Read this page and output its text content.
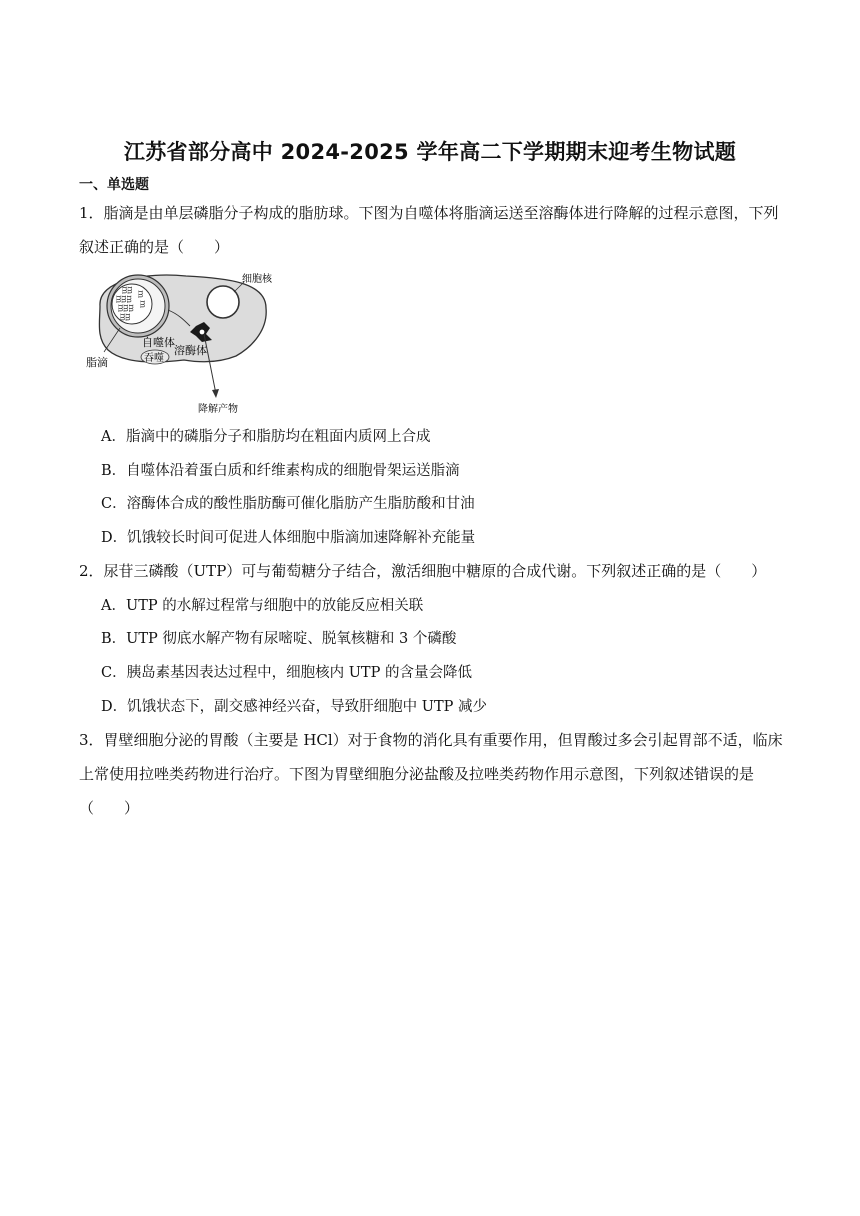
江苏省部分高中 2024-2025 学年高二下学期期末迎考生物试题
一、单选题
1．脂滴是由单层磷脂分子构成的脂肪球。下图为自噬体将脂滴运送至溶酶体进行降解的过程示意图，下列叙述正确的是（　　）
ᴟᴟ
ᴟᴟᴟ
ᴟᴟᴟ
ᴟᴟ
ᴟ
ᴟ
细胞核
自噬体
吞噬
溶酶体
脂滴
降解产物
A．脂滴中的磷脂分子和脂肪均在粗面内质网上合成
B．自噬体沿着蛋白质和纤维素构成的细胞骨架运送脂滴
C．溶酶体合成的酸性脂肪酶可催化脂肪产生脂肪酸和甘油
D．饥饿较长时间可促进人体细胞中脂滴加速降解补充能量
2．尿苷三磷酸（UTP）可与葡萄糖分子结合，激活细胞中糖原的合成代谢。下列叙述正确的是（　　）
A．UTP 的水解过程常与细胞中的放能反应相关联
B．UTP 彻底水解产物有尿嘧啶、脱氧核糖和 3 个磷酸
C．胰岛素基因表达过程中，细胞核内 UTP 的含量会降低
D．饥饿状态下，副交感神经兴奋，导致肝细胞中 UTP 减少
3．胃壁细胞分泌的胃酸（主要是 HCl）对于食物的消化具有重要作用，但胃酸过多会引起胃部不适，临床上常使用拉唑类药物进行治疗。下图为胃壁细胞分泌盐酸及拉唑类药物作用示意图，下列叙述错误的是（　　）
